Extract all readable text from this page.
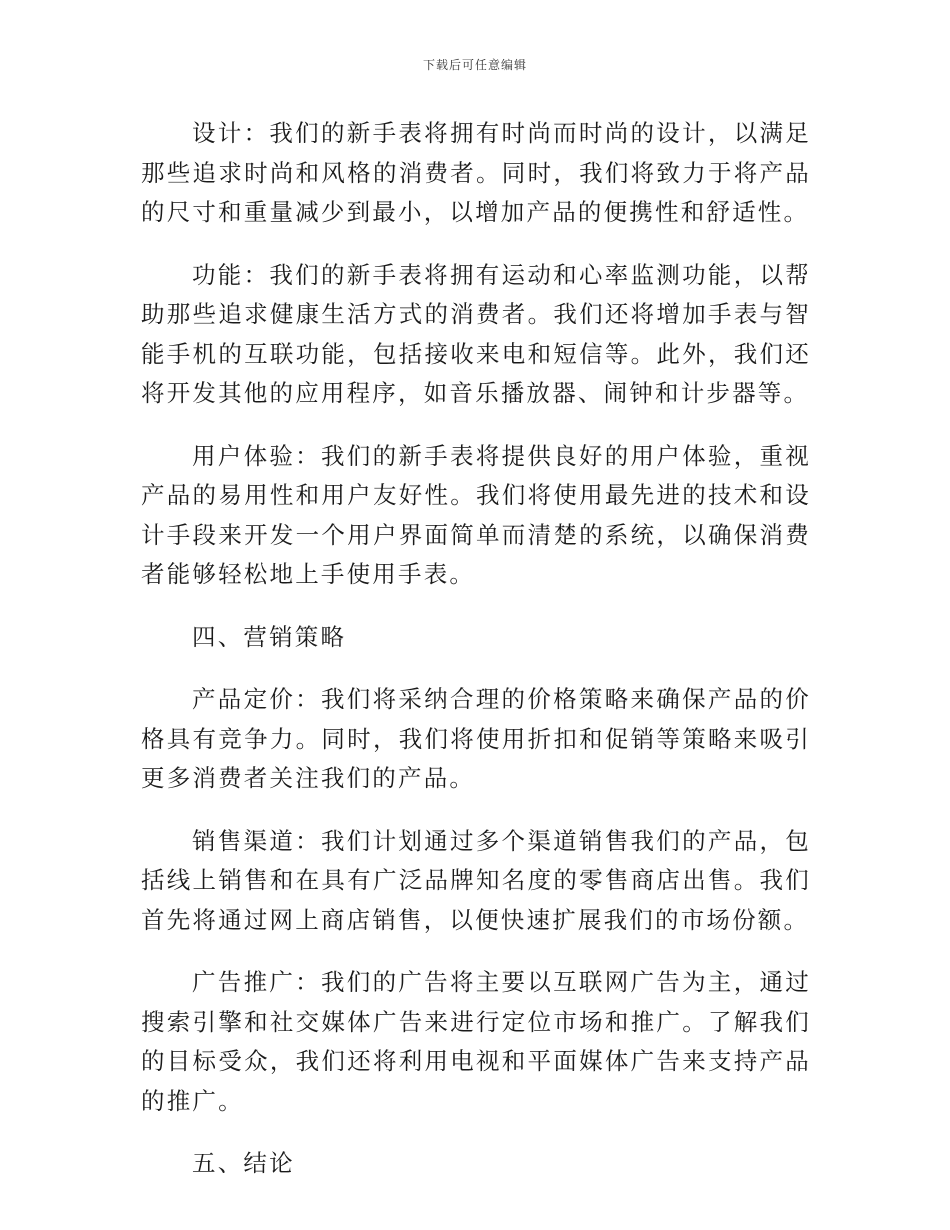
下载后可任意编辑

设计：我们的新手表将拥有时尚而时尚的设计，以满足那些追求时尚和风格的消费者。同时，我们将致力于将产品的尺寸和重量减少到最小，以增加产品的便携性和舒适性。

功能：我们的新手表将拥有运动和心率监测功能，以帮助那些追求健康生活方式的消费者。我们还将增加手表与智能手机的互联功能，包括接收来电和短信等。此外，我们还将开发其他的应用程序，如音乐播放器、闹钟和计步器等。

用户体验：我们的新手表将提供良好的用户体验，重视产品的易用性和用户友好性。我们将使用最先进的技术和设计手段来开发一个用户界面简单而清楚的系统，以确保消费者能够轻松地上手使用手表。

四、营销策略

产品定价：我们将采纳合理的价格策略来确保产品的价格具有竞争力。同时，我们将使用折扣和促销等策略来吸引更多消费者关注我们的产品。

销售渠道：我们计划通过多个渠道销售我们的产品，包括线上销售和在具有广泛品牌知名度的零售商店出售。我们首先将通过网上商店销售，以便快速扩展我们的市场份额。

广告推广：我们的广告将主要以互联网广告为主，通过搜索引擎和社交媒体广告来进行定位市场和推广。了解我们的目标受众，我们还将利用电视和平面媒体广告来支持产品的推广。

五、结论
